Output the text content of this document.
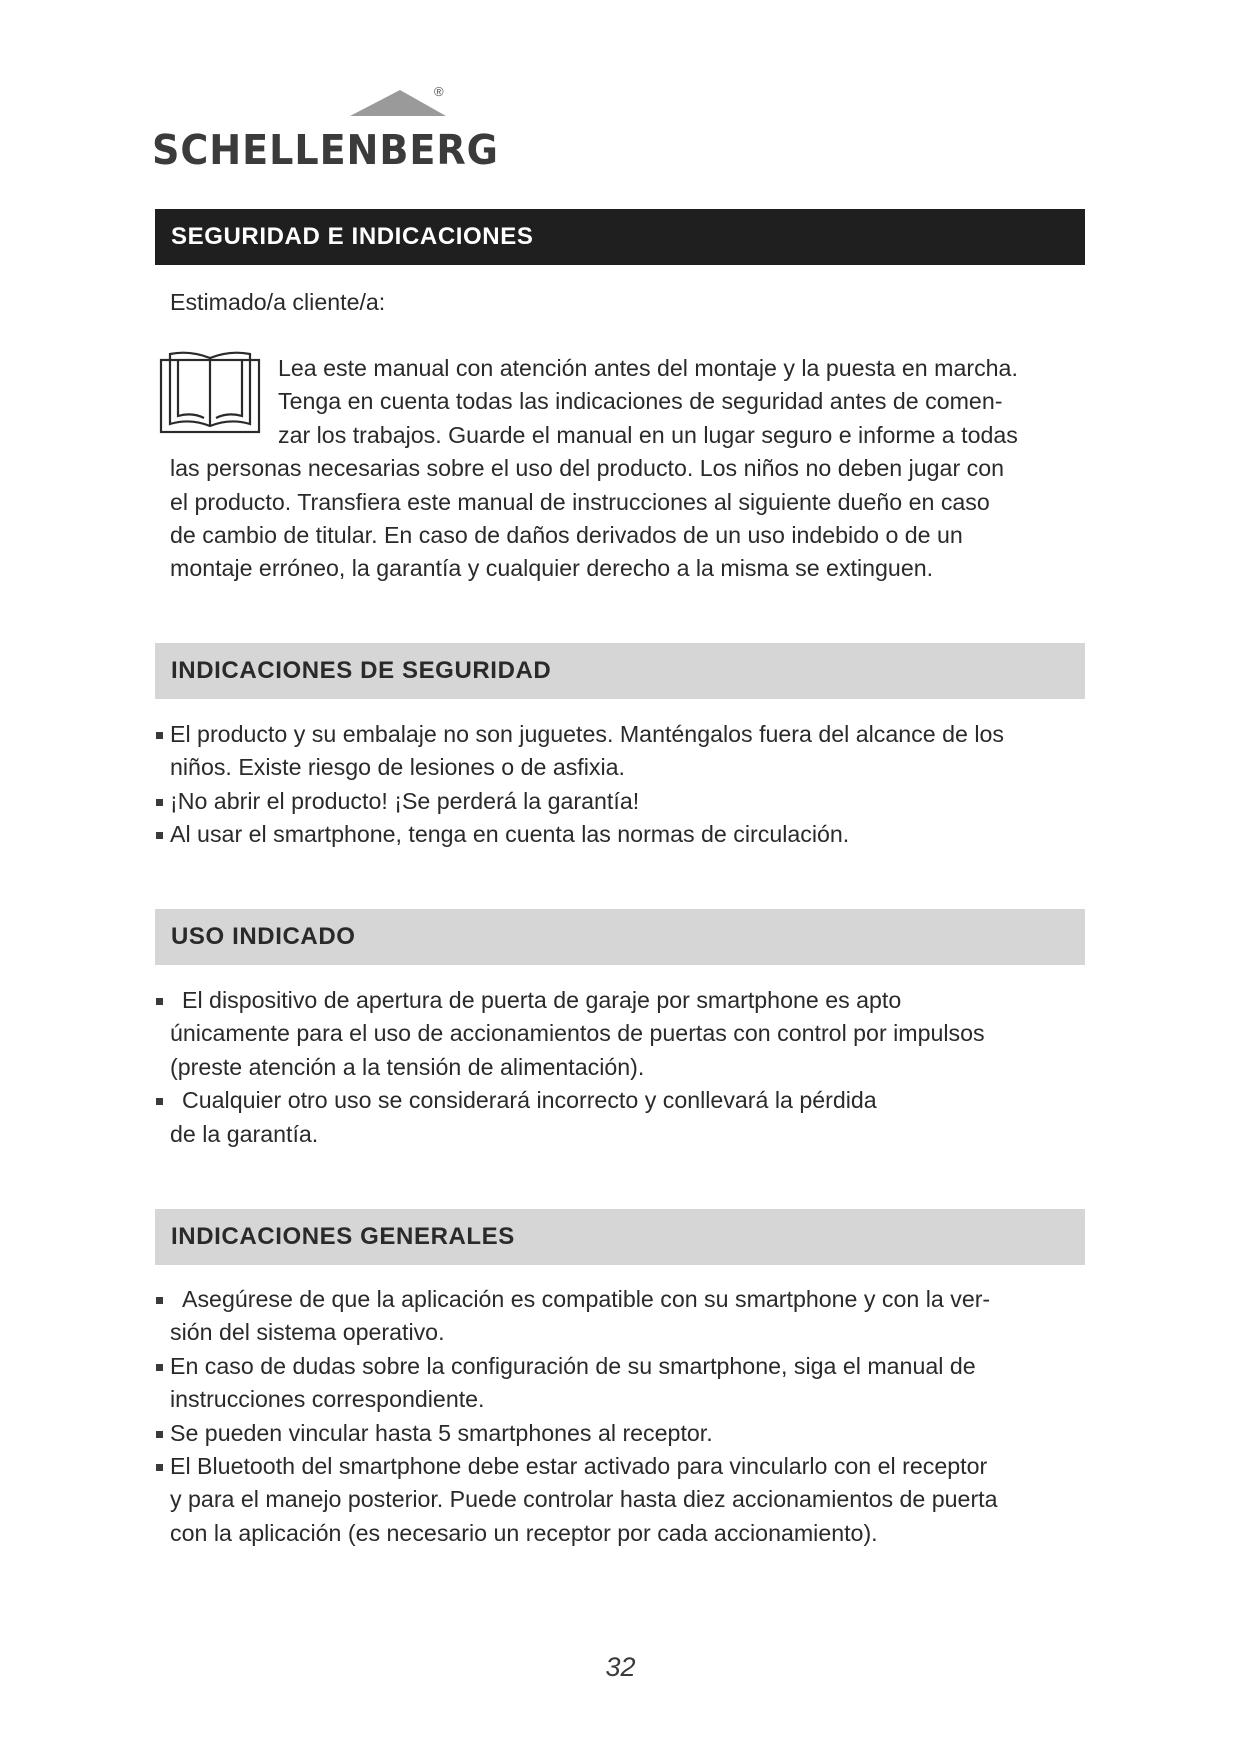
®
SCHELLENBERG
SEGURIDAD E INDICACIONES
Estimado/a cliente/a:
Lea este manual con atención antes del montaje y la puesta en marcha.
Tenga en cuenta todas las indicaciones de seguridad antes de comen-
zar los trabajos. Guarde el manual en un lugar seguro e informe a todas
las personas necesarias sobre el uso del producto. Los niños no deben jugar con
el producto. Transfiera este manual de instrucciones al siguiente dueño en caso
de cambio de titular. En caso de daños derivados de un uso indebido o de un
montaje erróneo, la garantía y cualquier derecho a la misma se extinguen.
INDICACIONES DE SEGURIDAD
El producto y su embalaje no son juguetes. Manténgalos fuera del alcance de los
niños. Existe riesgo de lesiones o de asfixia.
¡No abrir el producto! ¡Se perderá la garantía!
Al usar el smartphone, tenga en cuenta las normas de circulación.
USO INDICADO
El dispositivo de apertura de puerta de garaje por smartphone es apto
únicamente para el uso de accionamientos de puertas con control por impulsos
(preste atención a la tensión de alimentación).
Cualquier otro uso se considerará incorrecto y conllevará la pérdida
de la garantía.
INDICACIONES GENERALES
Asegúrese de que la aplicación es compatible con su smartphone y con la ver-
sión del sistema operativo.
En caso de dudas sobre la configuración de su smartphone, siga el manual de
instrucciones correspondiente.
Se pueden vincular hasta 5 smartphones al receptor.
El Bluetooth del smartphone debe estar activado para vincularlo con el receptor
y para el manejo posterior. Puede controlar hasta diez accionamientos de puerta
con la aplicación (es necesario un receptor por cada accionamiento).
32
